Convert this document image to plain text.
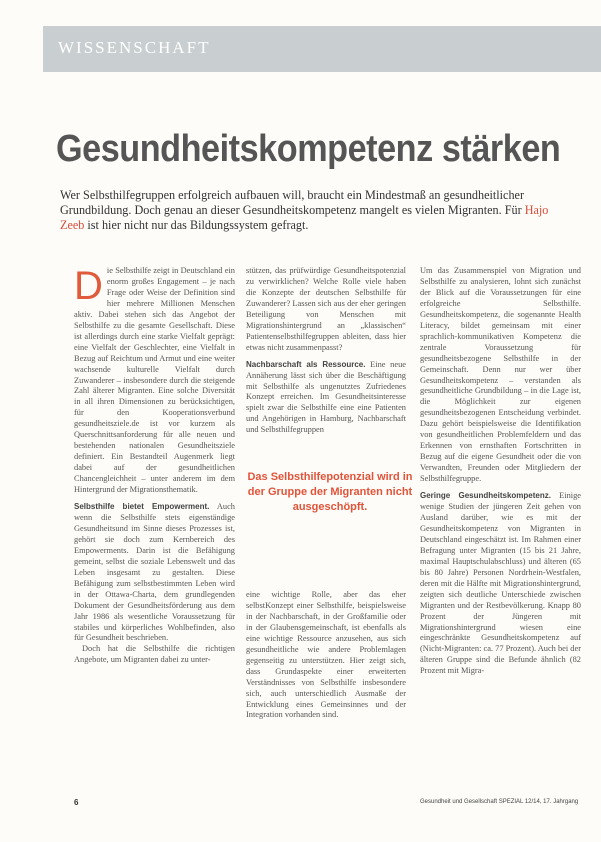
WISSENSCHAFT
Gesundheitskompetenz stärken
Wer Selbsthilfegruppen erfolgreich aufbauen will, braucht ein Mindestmaß an gesundheitlicher Grundbildung. Doch genau an dieser Gesundheitskompetenz mangelt es vielen Migranten. Für Hajo Zeeb ist hier nicht nur das Bildungssystem gefragt.

Die Selbsthilfe zeigt in Deutschland ein enorm großes Engagement – je nach Frage oder Weise der Definition sind hier mehrere Millionen Menschen aktiv. Dabei stehen sich das Angebot der Selbsthilfe zu die gesamte Gesellschaft. Diese ist allerdings durch eine starke Vielfalt geprägt: eine Vielfalt der Geschlechter, eine Vielfalt in Bezug auf Reichtum und Armut und eine weiter wachsende kulturelle Vielfalt durch Zuwanderer – insbesondere durch die steigende Zahl älterer Migranten. Eine solche Diversität in all ihren Dimensionen zu berücksichtigen, für den Kooperationsverbund gesundheitsziele.de ist vor kurzem als Querschnittsanforderung für alle neuen und bestehenden nationalen Gesundheitsziele definiert. Ein Bestandteil Augenmerk liegt dabei auf der gesundheitlichen Chancengleichheit – unter anderem im dem Hintergrund der Migrationsthematik.

Selbsthilfe bietet Empowerment. Auch wenn die Selbsthilfe stets eigenständige Gesundheitsund im Sinne dieses Prozesses ist, gehört sie doch zum Kernbereich des Empowerments. Darin ist die Befähigung gemeint, selbst die soziale Lebenswelt und das Leben insgesamt zu gestalten. Diese Befähigung zum selbstbestimmten Leben wird in der Ottawa-Charta, dem grundlegenden Dokument der Gesundheitsförderung aus dem Jahr 1986 als wesentliche Voraussetzung für stabiles und körperliches Wohlbefinden, also für Gesundheit beschrieben.

Doch hat die Selbsthilfe die richtigen Angebote, um Migranten dabei zu unter-

stützen, das prüfwürdige Gesundheitspotenzial zu verwirklichen? Welche Rolle viele haben die Konzepte der deutschen Selbsthilfe für Zuwanderer? Lassen sich aus der eher geringen Beteiligung von Menschen mit Migrationshintergrund an „klassischen“ Patientenselbsthilfegruppen ableiten, dass hier etwas nicht zusammenpasst?

Nachbarschaft als Ressource. Eine neue Annäherung lässt sich über die Beschäftigung mit Selbsthilfe als ungenutztes Zufriedenes Konzept erreichen. Im Gesundheitsinteresse spielt zwar die Selbsthilfe eine eine Patienten und Angehörigen in Hamburg, Nachbarschaft und Selbsthilfegruppen

Das Selbsthilfepotenzial wird in der Gruppe der Migranten nicht ausgeschöpft.

eine wichtige Rolle, aber das eher selbstKonzept einer Selbsthilfe, beispielsweise in der Nachbarschaft, in der Großfamilie oder in der Glaubensgemeinschaft, ist ebenfalls als eine wichtige Ressource anzusehen, aus sich gesundheitliche wie andere Problemlagen gegenseitig zu unterstützen. Hier zeigt sich, dass Grundaspekte einer erweiterten Verständnisses von Selbsthilfe insbesondere sich, auch unterschiedlich Ausmaße der Entwicklung eines Gemeinsinnes und der Integration vorhanden sind.

Um das Zusammenspiel von Migration und Selbsthilfe zu analysieren, lohnt sich zunächst der Blick auf die Voraussetzungen für eine erfolgreiche Selbsthilfe. Gesundheitskompetenz, die sogenannte Health Literacy, bildet gemeinsam mit einer sprachlich-kommunikativen Kompetenz die zentrale Voraussetzung für gesundheitsbezogene Selbsthilfe in der Gemeinschaft. Denn nur wer über Gesundheitskompetenz – verstanden als gesundheitliche Grundbildung – in die Lage ist, die Möglichkeit zur eigenen gesundheitsbezogenen Entscheidung verbindet. Dazu gehört beispielsweise die Identifikation von gesundheitlichen Problemfeldern und das Erkennen von ernsthaften Fortschritten in Bezug auf die eigene Gesundheit oder die von Verwandten, Freunden oder Mitgliedern der Selbsthilfegruppe.

Geringe Gesundheitskompetenz. Einige wenige Studien der jüngeren Zeit gehen von Ausland darüber, wie es mit der Gesundheitskompetenz von Migranten in Deutschland eingeschätzt ist. Im Rahmen einer Befragung unter Migranten (15 bis 21 Jahre, maximal Hauptschulabschluss) und älteren (65 bis 80 Jahre) Personen Nordrhein-Westfalen, deren mit die Hälfte mit Migrationshintergrund, zeigten sich deutliche Unterschiede zwischen Migranten und der Restbevölkerung. Knapp 80 Prozent der Jüngeren mit Migrationshintergrund wiesen eine eingeschränkte Gesundheitskompetenz auf (Nicht-Migranten: ca. 77 Prozent). Auch bei der älteren Gruppe sind die Befunde ähnlich (82 Prozent mit Migra-

6	Gesundheit und Gesellschaft SPEZIAL 12/14, 17. Jahrgang
